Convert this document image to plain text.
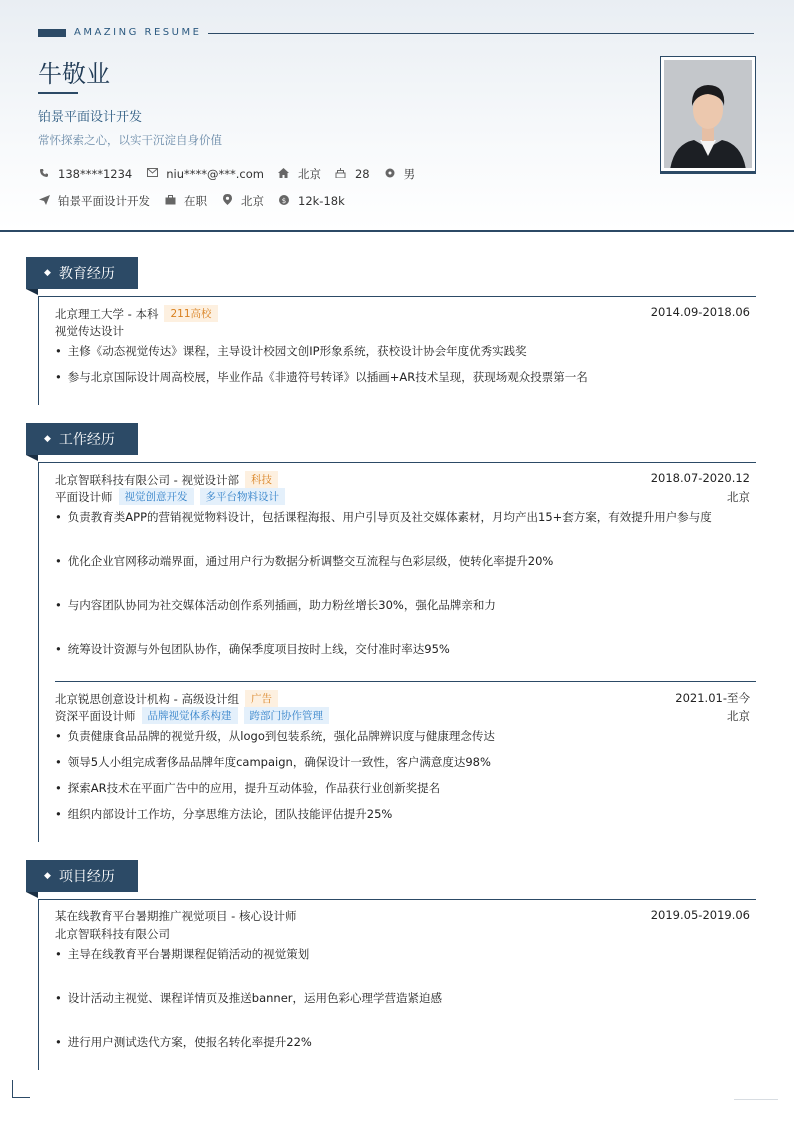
AMAZING RESUME
牛敬业
铂景平面设计开发
常怀探索之心，以实干沉淀自身价值
138****1234	niu****@***.com	北京	28	男
铂景平面设计开发	在职	北京	$ 12k-18k
◆ 教育经历
北京理工大学 - 本科	211高校	2014.09-2018.06
视觉传达设计
• 主修《动态视觉传达》课程，主导设计校园文创IP形象系统，获校设计协会年度优秀实践奖
• 参与北京国际设计周高校展，毕业作品《非遗符号转译》以插画+AR技术呈现，获现场观众投票第一名
◆ 工作经历
北京智联科技有限公司 - 视觉设计部	科技	2018.07-2020.12
平面设计师	视觉创意开发	多平台物料设计	北京
• 负责教育类APP的营销视觉物料设计，包括课程海报、用户引导页及社交媒体素材，月均产出15+套方案，有效提升用户参与度
• 优化企业官网移动端界面，通过用户行为数据分析调整交互流程与色彩层级，使转化率提升20%
• 与内容团队协同为社交媒体活动创作系列插画，助力粉丝增长30%，强化品牌亲和力
• 统筹设计资源与外包团队协作，确保季度项目按时上线，交付准时率达95%
北京锐思创意设计机构 - 高级设计组	广告	2021.01-至今
资深平面设计师	品牌视觉体系构建	跨部门协作管理	北京
• 负责健康食品品牌的视觉升级，从logo到包装系统，强化品牌辨识度与健康理念传达
• 领导5人小组完成奢侈品品牌年度campaign，确保设计一致性，客户满意度达98%
• 探索AR技术在平面广告中的应用，提升互动体验，作品获行业创新奖提名
• 组织内部设计工作坊，分享思维方法论，团队技能评估提升25%
◆ 项目经历
某在线教育平台暑期推广视觉项目 - 核心设计师	2019.05-2019.06
北京智联科技有限公司
• 主导在线教育平台暑期课程促销活动的视觉策划
• 设计活动主视觉、课程详情页及推送banner，运用色彩心理学营造紧迫感
• 进行用户测试迭代方案，使报名转化率提升22%
